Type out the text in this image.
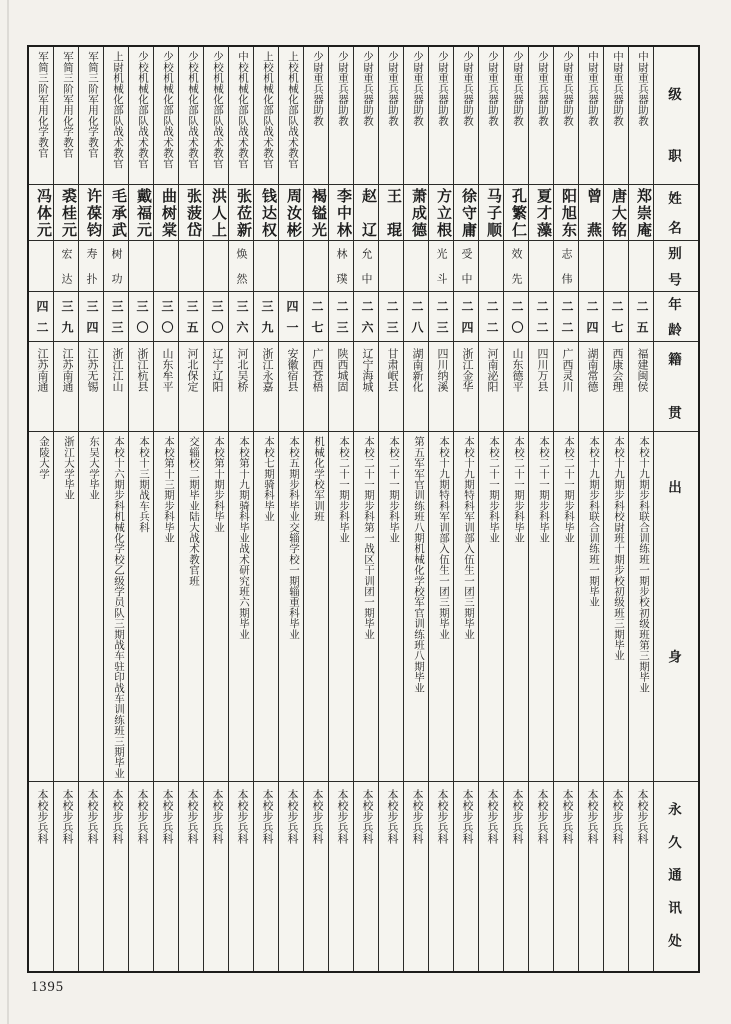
级职
姓名
别号
年龄
籍贯
出身
永久通讯处
中尉重兵器助教
郑崇庵
二五
福建闽侯
本校十九期步科联合训练班一期步校初级班第三期毕业
本校步兵科
中尉重兵器助教
唐大铭
二七
西康会理
本校十九期步科校尉班十期步校初级班三期毕业
本校步兵科
中尉重兵器助教
曾燕
二四
湖南常德
本校十九期步科联合训练班一期毕业
本校步兵科
少尉重兵器助教
阳旭东
志伟
二二
广西灵川
本校二十一期步科毕业
本校步兵科
少尉重兵器助教
夏才藻
二二
四川万县
本校二十一期步科毕业
本校步兵科
少尉重兵器助教
孔繁仁
效先
二〇
山东德平
本校二十一期步科毕业
本校步兵科
少尉重兵器助教
马子顺
二二
河南泌阳
本校二十一期步科毕业
本校步兵科
少尉重兵器助教
徐守庸
受中
二四
浙江金华
本校十九期特科军训部入伍生一团三期毕业
本校步兵科
少尉重兵器助教
方立根
光斗
二三
四川纳溪
本校十九期特科军训部入伍生一团三期毕业
本校步兵科
少尉重兵器助教
萧成德
二八
湖南新化
第五军军官训练班八期机械化学校军官训练班八期毕业
本校步兵科
少尉重兵器助教
王琨
二三
甘肃岷县
本校二十一期步科毕业
本校步兵科
少尉重兵器助教
赵辽
允中
二六
辽宁海城
本校二十一期步科第一战区干训团一期毕业
本校步兵科
少尉重兵器助教
李中林
林璞
二三
陕西城固
本校二十一期步科毕业
本校步兵科
少尉重兵器助教
褐镒光
二七
广西苍梧
机械化学校军训班
本校步兵科
上校机械化部队战术教官
周汝彬
四一
安徽宿县
本校五期步科毕业交辎学校一期辎重科毕业
本校步兵科
上校机械化部队战术教官
钱达权
三九
浙江永嘉
本校七期骑科毕业
本校步兵科
中校机械化部队战术教官
张莅新
焕然
三六
河北吴桥
本校第十九期骑科毕业战术研究班六期毕业
本校步兵科
少校机械化部队战术教官
洪人上
三〇
辽宁辽阳
本校第十期步科毕业
本校步兵科
少校机械化部队战术教官
张菠岱
三五
河北保定
交辎校二期毕业陆大战术教官班
本校步兵科
少校机械化部队战术教官
曲树棠
三〇
山东牟平
本校第十三期步科毕业
本校步兵科
少校机械化部队战术教官
戴福元
三〇
浙江杭县
本校十三期战车兵科
本校步兵科
上尉机械化部队战术教官
毛承武
树功
三三
浙江江山
本校十六期步科机械化学校乙级学员队三期战车驻印战车训练班三期毕业
本校步兵科
军简三阶军用化学教官
许葆钧
寿扑
三四
江苏无锡
东吴大学毕业
本校步兵科
军简三阶军用化学教官
裘桂元
宏达
三九
江苏南通
浙江大学毕业
本校步兵科
军简三阶军用化学教官
冯体元
四二
江苏南通
金陵大学
本校步兵科
1395
